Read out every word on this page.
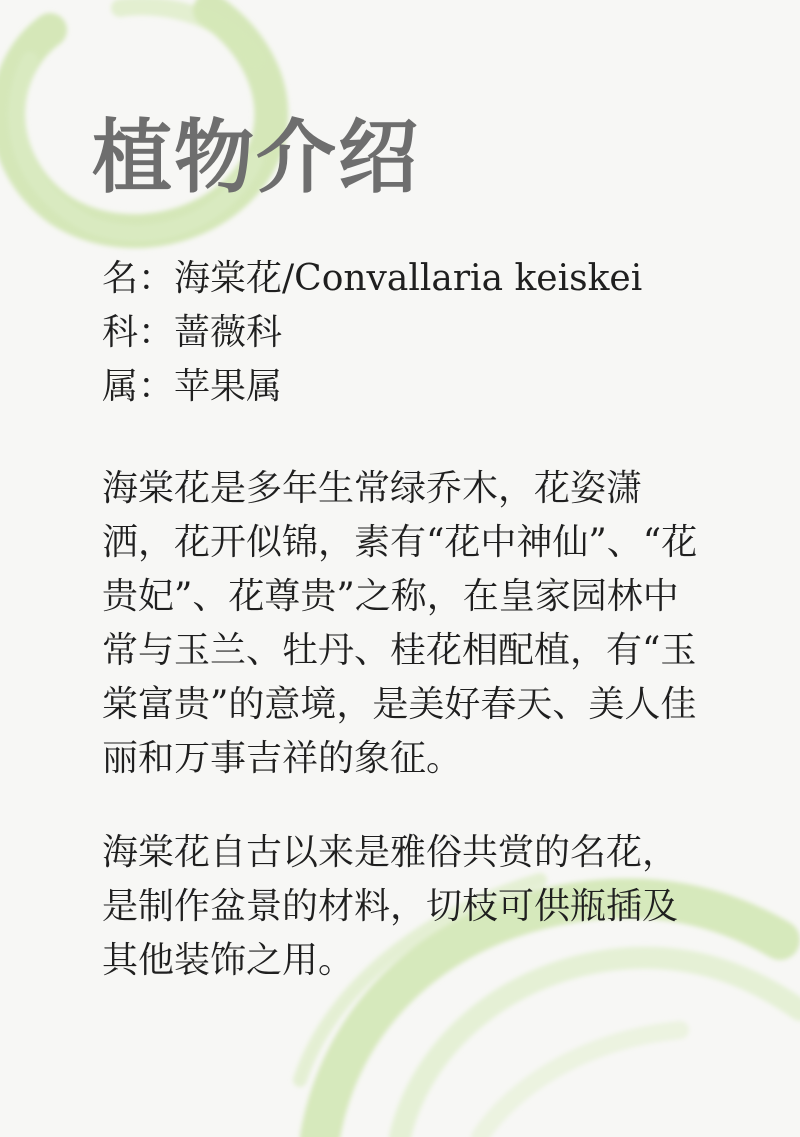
植物介绍
名：海棠花/Convallaria keiskei
科：蔷薇科
属：苹果属

海棠花是多年生常绿乔木，花姿潇洒，花开似锦，素有“花中神仙”、“花贵妃”、花尊贵”之称，在皇家园林中常与玉兰、牡丹、桂花相配植，有“玉棠富贵”的意境，是美好春天、美人佳丽和万事吉祥的象征。

海棠花自古以来是雅俗共赏的名花，是制作盆景的材料，切枝可供瓶插及其他装饰之用。
